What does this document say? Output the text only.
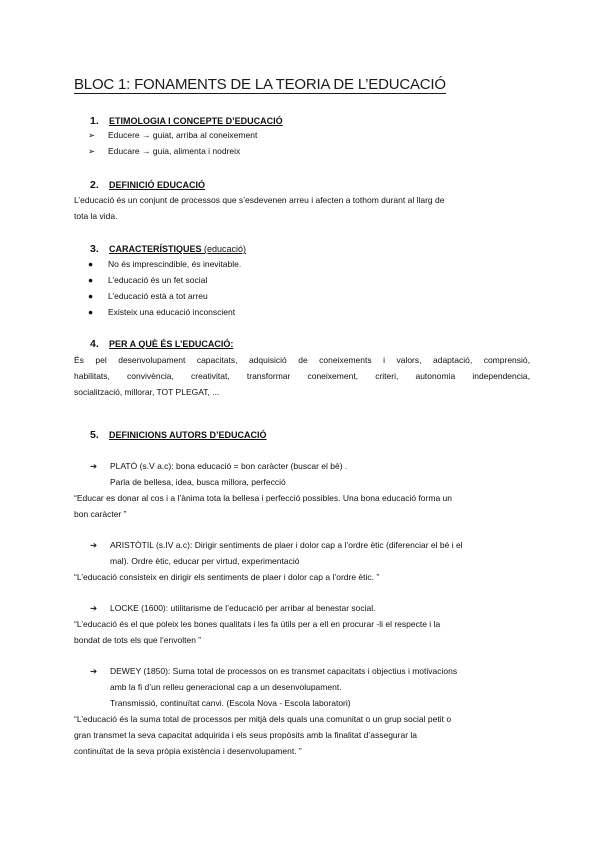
BLOC 1: FONAMENTS DE LA TEORIA DE L’EDUCACIÓ
1. ETIMOLOGIA I CONCEPTE D’EDUCACIÓ
➢ Educere → guiat, arriba al coneixement
➢ Educare → guia, alimenta i nodreix
2. DEFINICIÓ EDUCACIÓ
L’educació és un conjunt de processos que s’esdevenen arreu i afecten a tothom durant al llarg de
tota la vida.
3. CARACTERÍSTIQUES (educació)
● No és imprescindible, és inevitable.
● L’educació és un fet social
● L’educació està a tot arreu
● Existeix una educació inconscient
4. PER A QUÈ ÉS L’EDUCACIÓ:
És pel desenvolupament capacitats, adquisició de coneixements i valors, adaptació, comprensió,
habilitats, convivència, creativitat, transformar coneixement, criteri, autonomia independencia,
socialització, millorar, TOT PLEGAT, ...
5. DEFINICIONS AUTORS D’EDUCACIÓ
➔ PLATÓ (s.V a.c): bona educació = bon caràcter (buscar el bè) .
Parla de bellesa, idea, busca millora, perfecció
“Educar es donar al cos i a l’ànima tota la bellesa i perfecció possibles. Una bona educació forma un
bon caràcter ”
➔ ARISTÒTIL (s.IV a.c): Dirigir sentiments de plaer i dolor cap a l’ordre ètic (diferenciar el bé i el
mal). Ordre ètic, educar per virtud, experimentació
“L’educació consisteix en dirigir els sentiments de plaer i dolor cap a l’ordre ètic. ”
➔ LOCKE (1600): utilitarisme de l’educació per arribar al benestar social.
“L’educació és el que poleix les bones qualitats i les fa útils per a ell en procurar -li el respecte i la
bondat de tots els que l’envolten ”
➔ DEWEY (1850): Suma total de processos on es transmet capacitats i objectius i motivacions
amb la fi d’un relleu generacional cap a un desenvolupament.
Transmissió, continuïtat canvi. (Escola Nova - Escola laboratori)
“L’educació és la suma total de processos per mitjà dels quals una comunitat o un grup social petit o
gran transmet la seva capacitat adquirida i els seus propòsits amb la finalitat d’assegurar la
continuïtat de la seva pròpia existència i desenvolupament. ”
